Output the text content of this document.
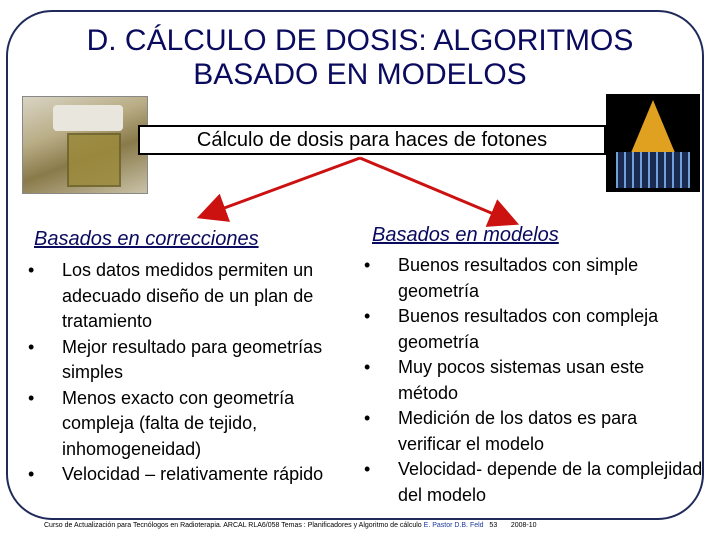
D. CÁLCULO DE DOSIS: ALGORITMOS BASADO EN MODELOS
Cálculo de dosis para haces de fotones
Basados en correcciones	Basados en modelos
• Los datos medidos permiten un adecuado diseño de un plan de tratamiento
• Mejor resultado para geometrías simples
• Menos exacto con geometría compleja (falta de tejido, inhomogeneidad)
• Velocidad – relativamente rápido
• Buenos resultados con simple geometría
• Buenos resultados con compleja geometría
• Muy pocos sistemas usan este método
• Medición de los datos es para verificar el modelo
• Velocidad- depende de la complejidad del modelo
Curso de Actualización para Tecnólogos en Radioterapia. ARCAL RLA6/058 Temas : Planificadores y Algoritmo de cálculo E. Pastor D.B. Feld 53 2008-10
